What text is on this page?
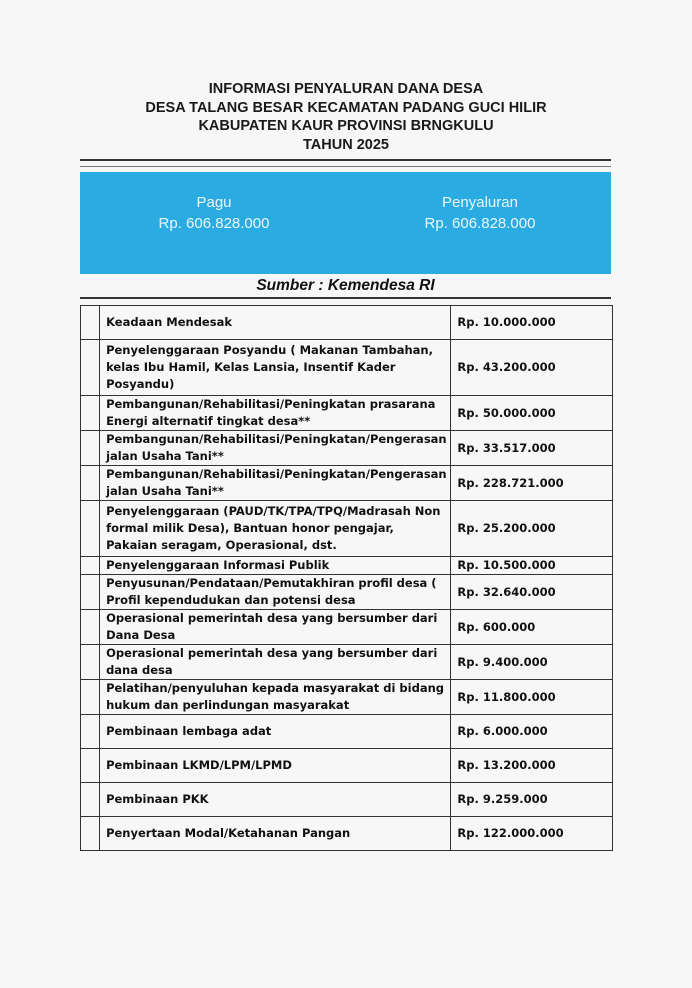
INFORMASI PENYALURAN DANA DESA
DESA TALANG BESAR KECAMATAN PADANG GUCI HILIR
KABUPATEN KAUR PROVINSI BRNGKULU
TAHUN 2025
Pagu
Rp. 606.828.000
Penyaluran
Rp. 606.828.000
Sumber : Kemendesa RI
	Keadaan Mendesak	Rp. 10.000.000
	Penyelenggaraan Posyandu ( Makanan Tambahan, kelas Ibu Hamil, Kelas Lansia, Insentif Kader Posyandu)	Rp. 43.200.000
	Pembangunan/Rehabilitasi/Peningkatan prasarana Energi alternatif tingkat desa**	Rp. 50.000.000
	Pembangunan/Rehabilitasi/Peningkatan/Pengerasan jalan Usaha Tani**	Rp. 33.517.000
	Pembangunan/Rehabilitasi/Peningkatan/Pengerasan jalan Usaha Tani**	Rp. 228.721.000
	Penyelenggaraan (PAUD/TK/TPA/TPQ/Madrasah Non formal milik Desa), Bantuan honor pengajar, Pakaian seragam, Operasional, dst.	Rp. 25.200.000
	Penyelenggaraan Informasi Publik	Rp. 10.500.000
	Penyusunan/Pendataan/Pemutakhiran profil desa ( Profil kependudukan dan potensi desa	Rp. 32.640.000
	Operasional pemerintah desa yang bersumber dari Dana Desa	Rp. 600.000
	Operasional pemerintah desa yang bersumber dari dana desa	Rp. 9.400.000
	Pelatihan/penyuluhan kepada masyarakat di bidang hukum dan perlindungan masyarakat	Rp. 11.800.000
	Pembinaan lembaga adat	Rp. 6.000.000
	Pembinaan LKMD/LPM/LPMD	Rp. 13.200.000
	Pembinaan PKK	Rp. 9.259.000
	Penyertaan Modal/Ketahanan Pangan	Rp. 122.000.000
